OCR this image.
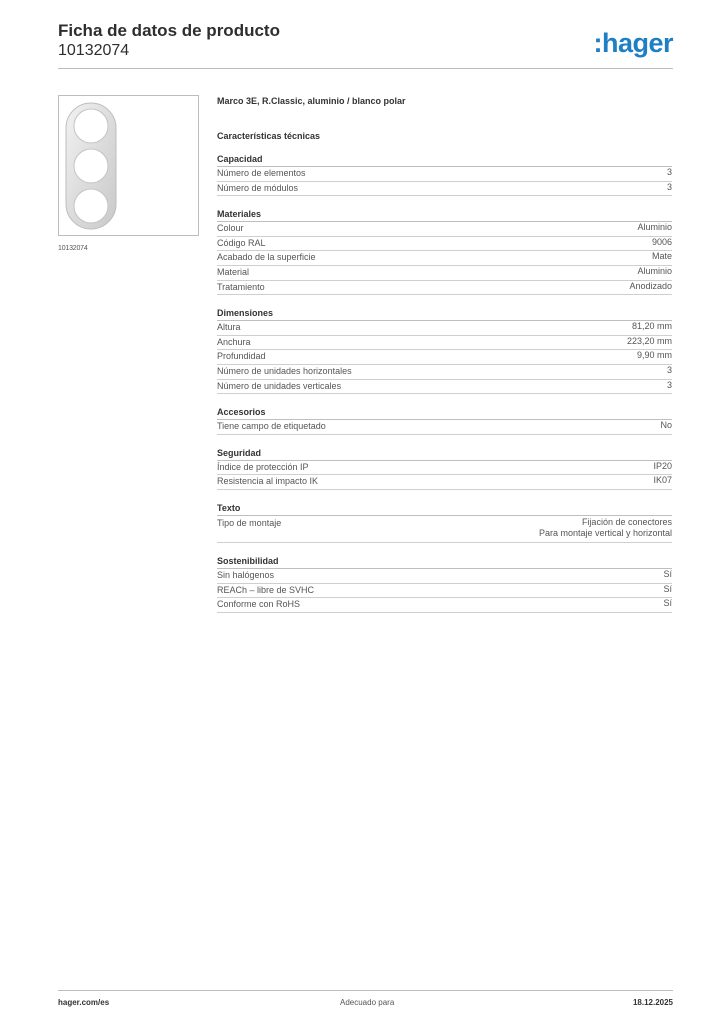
Ficha de datos de producto
10132074	:hager
10132074
Marco 3E, R.Classic, aluminio / blanco polar
Características técnicas
Capacidad
Número de elementos	3
Número de módulos	3
Materiales
Colour	Aluminio
Código RAL	9006
Acabado de la superficie	Mate
Material	Aluminio
Tratamiento	Anodizado
Dimensiones
Altura	81,20 mm
Anchura	223,20 mm
Profundidad	9,90 mm
Número de unidades horizontales	3
Número de unidades verticales	3
Accesorios
Tiene campo de etiquetado	No
Seguridad
Índice de protección IP	IP20
Resistencia al impacto IK	IK07
Texto
Tipo de montaje	Fijación de conectores
Para montaje vertical y horizontal
Sostenibilidad
Sin halógenos	Sí
REACh – libre de SVHC	Sí
Conforme con RoHS	Sí
hager.com/es	Adecuado para	18.12.2025
